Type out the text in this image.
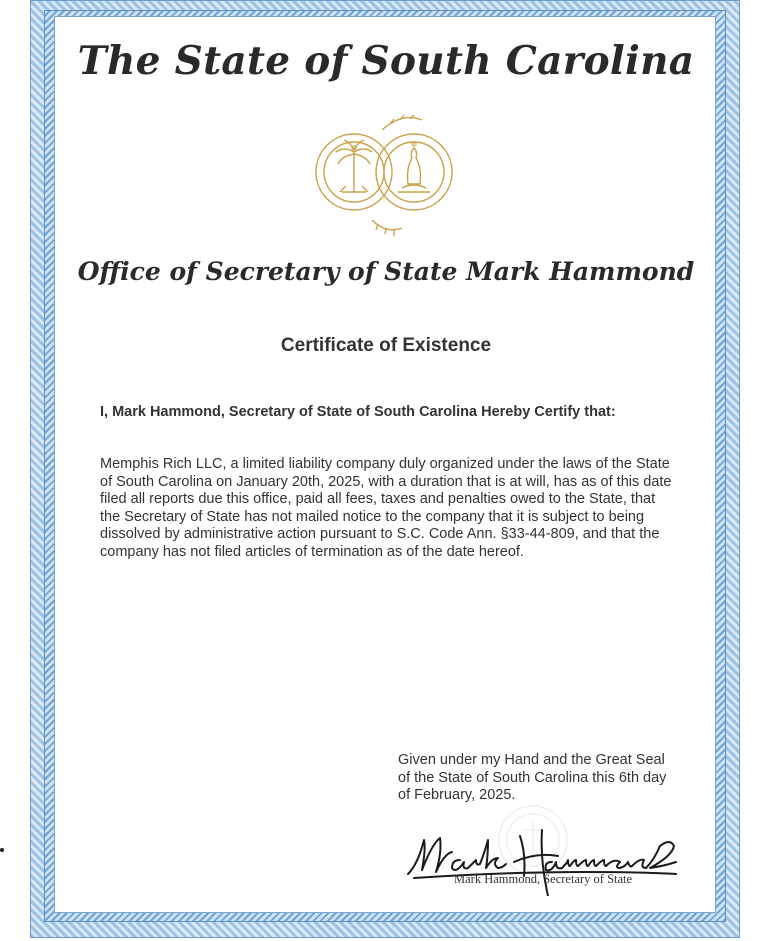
The State of South Carolina
Office of Secretary of State Mark Hammond
Certificate of Existence

I, Mark Hammond, Secretary of State of South Carolina Hereby Certify that:

Memphis Rich LLC, a limited liability company duly organized under the laws of the State of South Carolina on January 20th, 2025, with a duration that is at will, has as of this date filed all reports due this office, paid all fees, taxes and penalties owed to the State, that the Secretary of State has not mailed notice to the company that it is subject to being dissolved by administrative action pursuant to S.C. Code Ann. §33-44-809, and that the company has not filed articles of termination as of the date hereof.

Given under my Hand and the Great Seal
of the State of South Carolina this 6th day
of February, 2025.

Mark Hammond, Secretary of State
